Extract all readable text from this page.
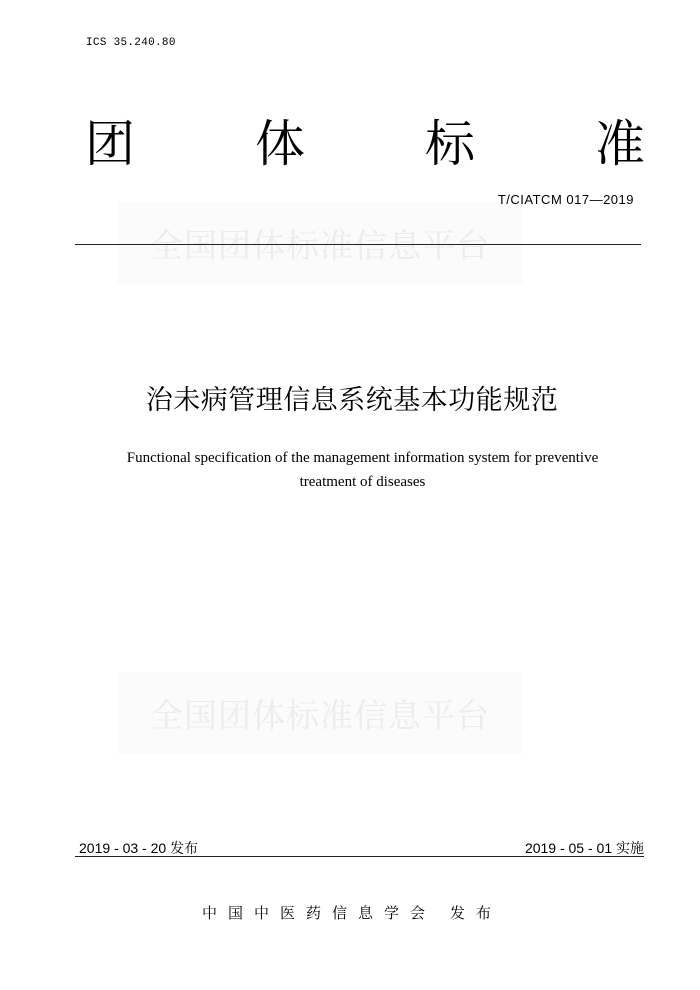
ICS 35.240.80
团 体 标 准
全国团体标准信息平台
T/CIATCM 017—2019
治未病管理信息系统基本功能规范
Functional specification of the management information system for preventive
treatment of diseases
全国团体标准信息平台
2019 - 03 - 20 发布	2019 - 05 - 01 实施
中国中医药信息学会 发布
